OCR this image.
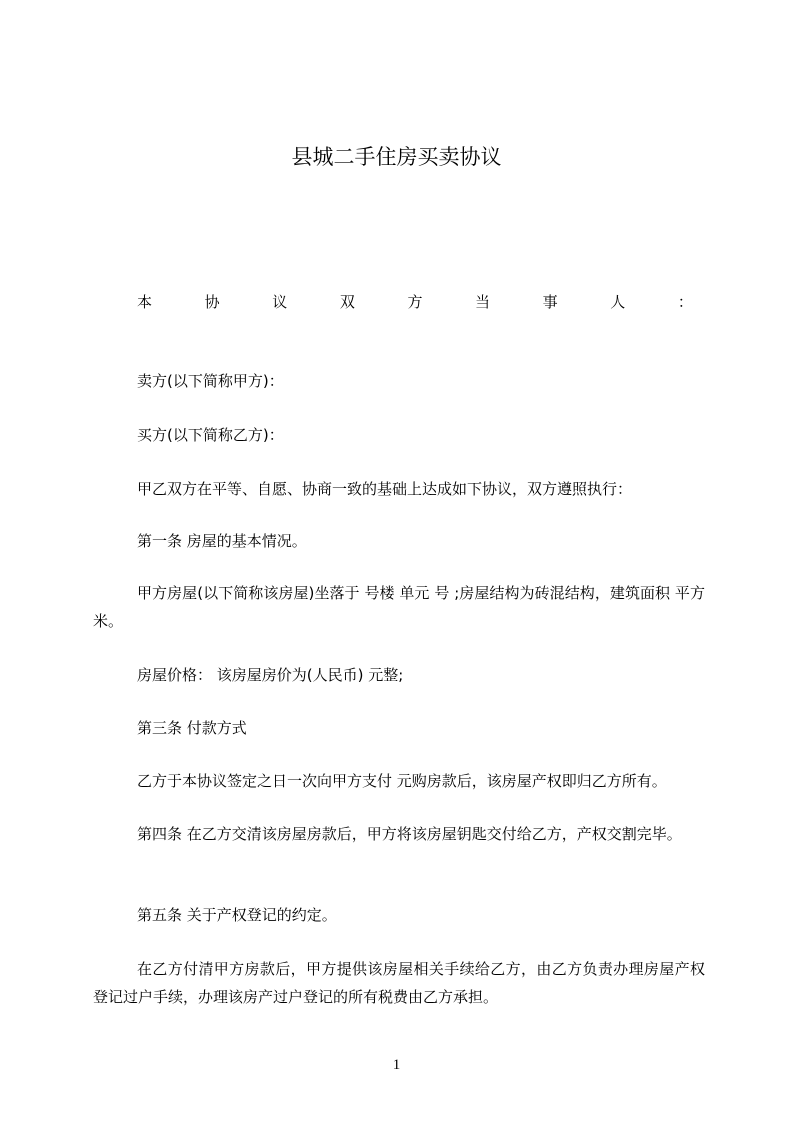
县城二手住房买卖协议
本	协	议	双	方	当	事	人	：
卖方(以下简称甲方)：
买方(以下简称乙方)：
甲乙双方在平等、自愿、协商一致的基础上达成如下协议，双方遵照执行：
第一条 房屋的基本情况。
甲方房屋(以下简称该房屋)坐落于 号楼 单元 号 ;房屋结构为砖混结构，建筑面积 平方米。
房屋价格： 该房屋房价为(人民币) 元整;
第三条 付款方式
乙方于本协议签定之日一次向甲方支付 元购房款后，该房屋产权即归乙方所有。
第四条 在乙方交清该房屋房款后，甲方将该房屋钥匙交付给乙方，产权交割完毕。
第五条 关于产权登记的约定。
在乙方付清甲方房款后，甲方提供该房屋相关手续给乙方，由乙方负责办理房屋产权登记过户手续，办理该房产过户登记的所有税费由乙方承担。
1
